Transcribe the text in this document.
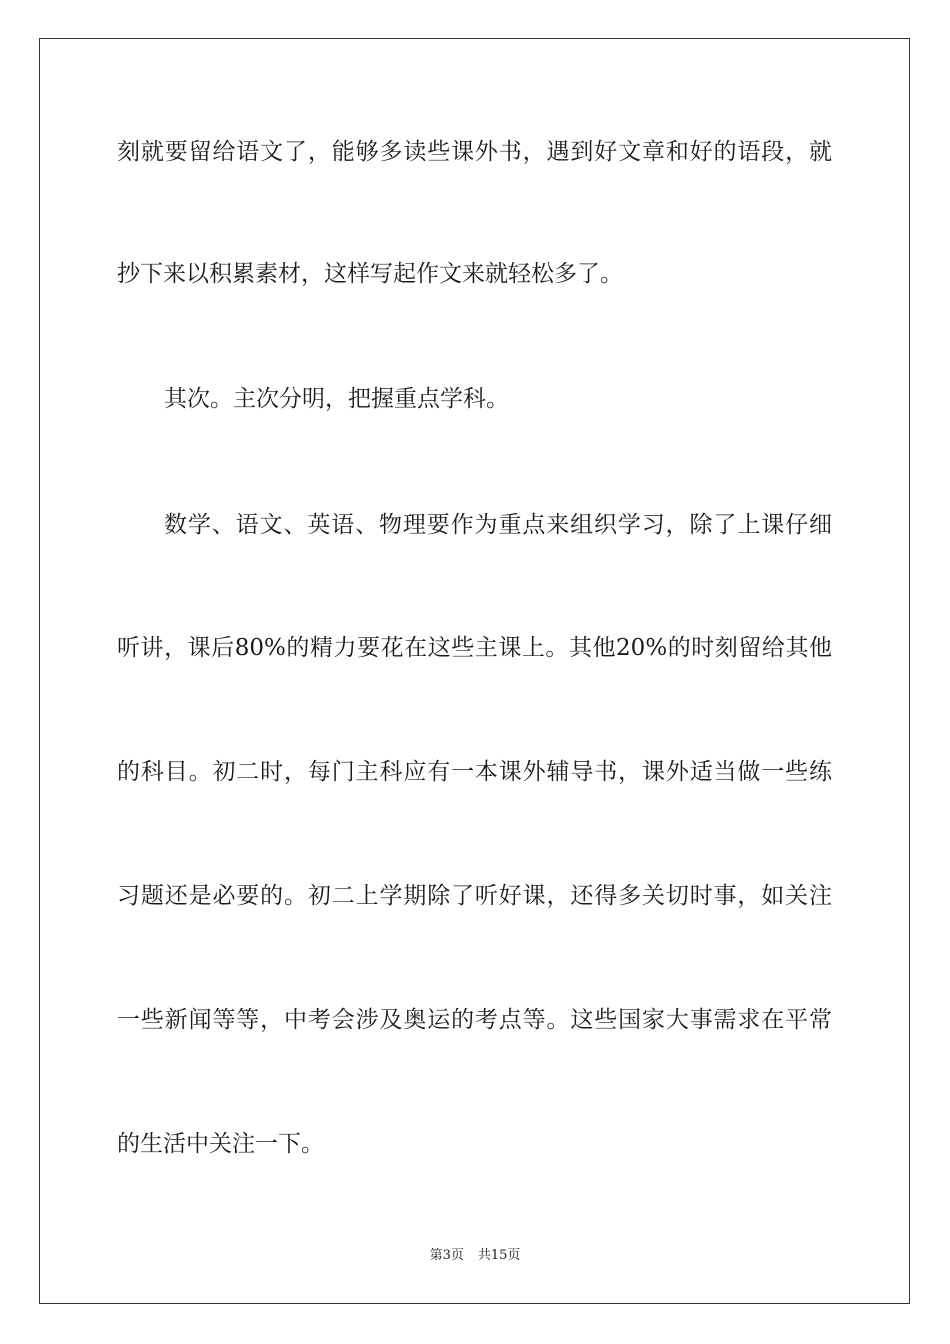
刻就要留给语文了，能够多读些课外书，遇到好文章和好的语段，就
抄下来以积累素材，这样写起作文来就轻松多了。
其次。主次分明，把握重点学科。
数学、语文、英语、物理要作为重点来组织学习，除了上课仔细
听讲，课后80%的精力要花在这些主课上。其他20%的时刻留给其他
的科目。初二时，每门主科应有一本课外辅导书，课外适当做一些练
习题还是必要的。初二上学期除了听好课，还得多关切时事，如关注
一些新闻等等，中考会涉及奥运的考点等。这些国家大事需求在平常
的生活中关注一下。
第3页 共15页
